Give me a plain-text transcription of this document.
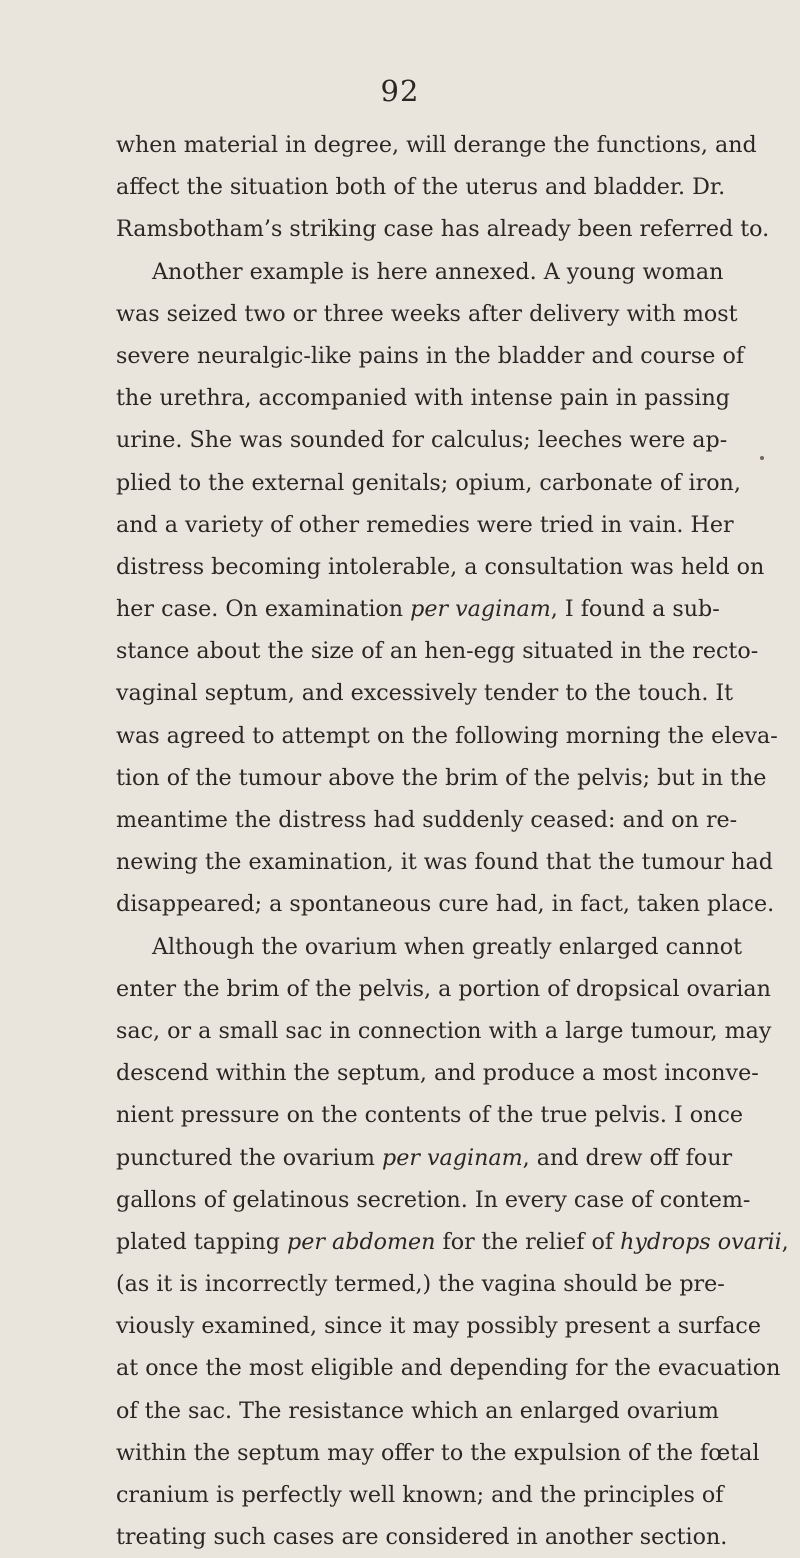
92
when material in degree, will derange the functions, and
affect the situation both of the uterus and bladder. Dr.
Ramsbotham’s striking case has already been referred to.
Another example is here annexed. A young woman
was seized two or three weeks after delivery with most
severe neuralgic-like pains in the bladder and course of
the urethra, accompanied with intense pain in passing
urine. She was sounded for calculus; leeches were ap-
plied to the external genitals; opium, carbonate of iron,
and a variety of other remedies were tried in vain. Her
distress becoming intolerable, a consultation was held on
her case. On examination per vaginam, I found a sub-
stance about the size of an hen-egg situated in the recto-
vaginal septum, and excessively tender to the touch. It
was agreed to attempt on the following morning the eleva-
tion of the tumour above the brim of the pelvis; but in the
meantime the distress had suddenly ceased: and on re-
newing the examination, it was found that the tumour had
disappeared; a spontaneous cure had, in fact, taken place.
Although the ovarium when greatly enlarged cannot
enter the brim of the pelvis, a portion of dropsical ovarian
sac, or a small sac in connection with a large tumour, may
descend within the septum, and produce a most inconve-
nient pressure on the contents of the true pelvis. I once
punctured the ovarium per vaginam, and drew off four
gallons of gelatinous secretion. In every case of contem-
plated tapping per abdomen for the relief of hydrops ovarii,
(as it is incorrectly termed,) the vagina should be pre-
viously examined, since it may possibly present a surface
at once the most eligible and depending for the evacuation
of the sac. The resistance which an enlarged ovarium
within the septum may offer to the expulsion of the fœtal
cranium is perfectly well known; and the principles of
treating such cases are considered in another section.
